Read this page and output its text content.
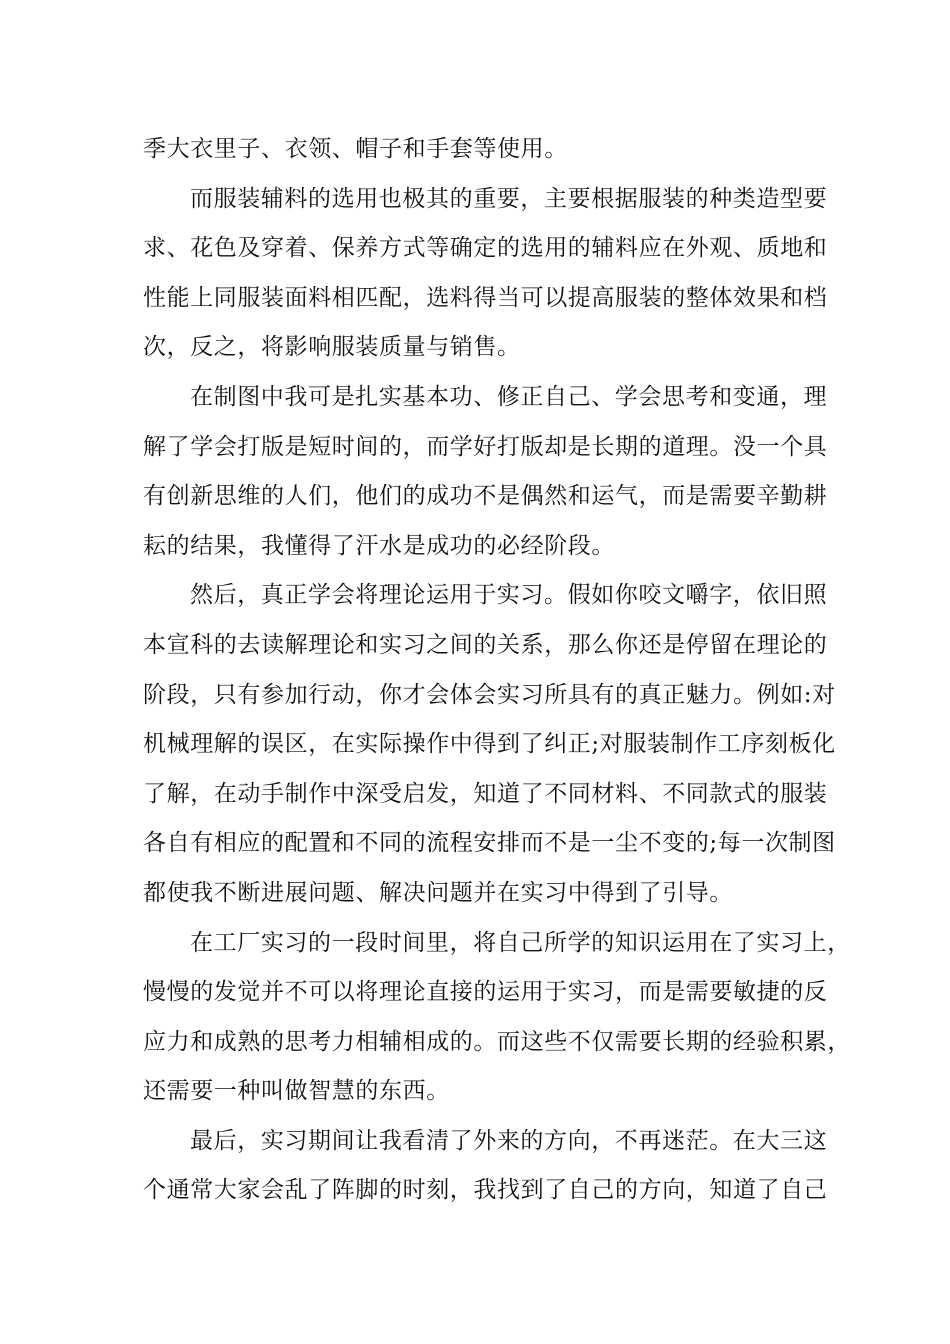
季大衣里子、衣领、帽子和手套等使用。
而服装辅料的选用也极其的重要，主要根据服装的种类造型要
求、花色及穿着、保养方式等确定的选用的辅料应在外观、质地和
性能上同服装面料相匹配，选料得当可以提高服装的整体效果和档
次，反之，将影响服装质量与销售。
在制图中我可是扎实基本功、修正自己、学会思考和变通，理
解了学会打版是短时间的，而学好打版却是长期的道理。没一个具
有创新思维的人们，他们的成功不是偶然和运气，而是需要辛勤耕
耘的结果，我懂得了汗水是成功的必经阶段。
然后，真正学会将理论运用于实习。假如你咬文嚼字，依旧照
本宣科的去读解理论和实习之间的关系，那么你还是停留在理论的
阶段，只有参加行动，你才会体会实习所具有的真正魅力。例如:对
机械理解的误区，在实际操作中得到了纠正;对服装制作工序刻板化
了解，在动手制作中深受启发，知道了不同材料、不同款式的服装
各自有相应的配置和不同的流程安排而不是一尘不变的;每一次制图
都使我不断进展问题、解决问题并在实习中得到了引导。
在工厂实习的一段时间里，将自己所学的知识运用在了实习上，
慢慢的发觉并不可以将理论直接的运用于实习，而是需要敏捷的反
应力和成熟的思考力相辅相成的。而这些不仅需要长期的经验积累，
还需要一种叫做智慧的东西。
最后，实习期间让我看清了外来的方向，不再迷茫。在大三这
个通常大家会乱了阵脚的时刻，我找到了自己的方向，知道了自己
